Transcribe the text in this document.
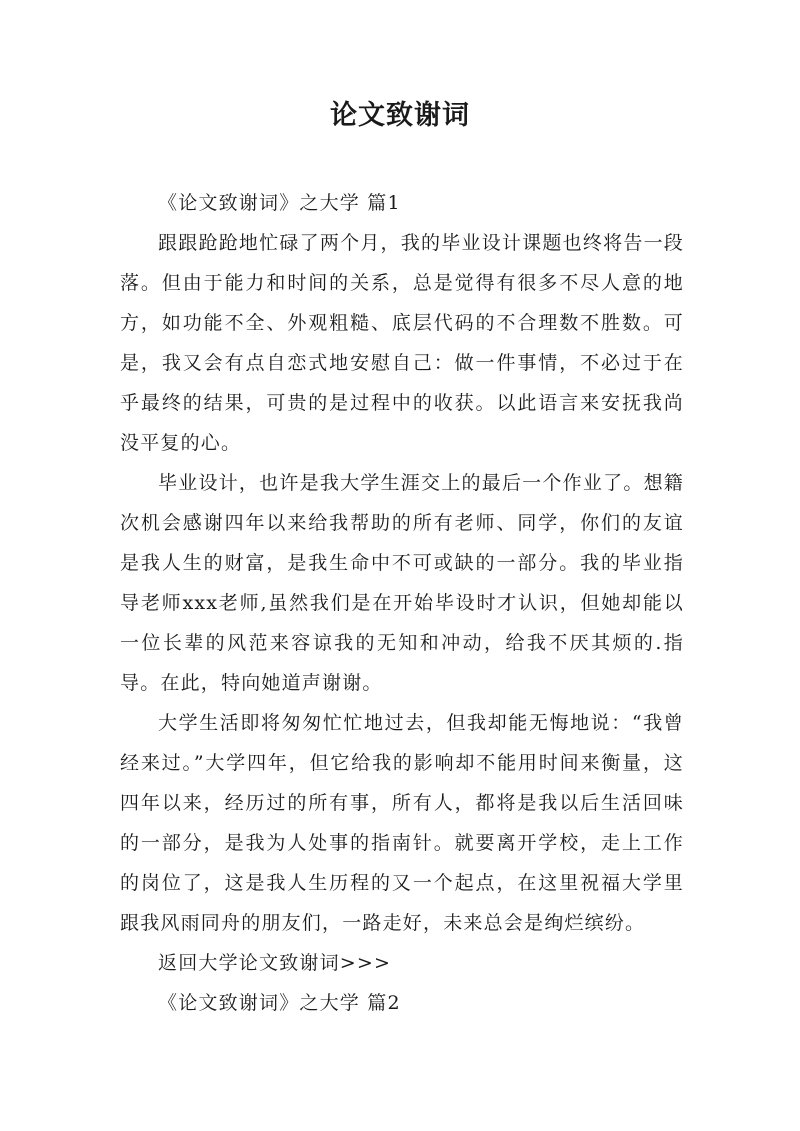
论文致谢词

《论文致谢词》之大学 篇1

跟跟跄跄地忙碌了两个月，我的毕业设计课题也终将告一段落。但由于能力和时间的关系，总是觉得有很多不尽人意的地方，如功能不全、外观粗糙、底层代码的不合理数不胜数。可是，我又会有点自恋式地安慰自己：做一件事情，不必过于在乎最终的结果，可贵的是过程中的收获。以此语言来安抚我尚没平复的心。

毕业设计，也许是我大学生涯交上的最后一个作业了。想籍次机会感谢四年以来给我帮助的所有老师、同学，你们的友谊是我人生的财富，是我生命中不可或缺的一部分。我的毕业指导老师xxx老师,虽然我们是在开始毕设时才认识，但她却能以一位长辈的风范来容谅我的无知和冲动，给我不厌其烦的.指导。在此，特向她道声谢谢。

大学生活即将匆匆忙忙地过去，但我却能无悔地说：“我曾经来过。”大学四年，但它给我的影响却不能用时间来衡量，这四年以来，经历过的所有事，所有人，都将是我以后生活回味的一部分，是我为人处事的指南针。就要离开学校，走上工作的岗位了，这是我人生历程的又一个起点，在这里祝福大学里跟我风雨同舟的朋友们，一路走好，未来总会是绚烂缤纷。

返回大学论文致谢词>>>

《论文致谢词》之大学 篇2
